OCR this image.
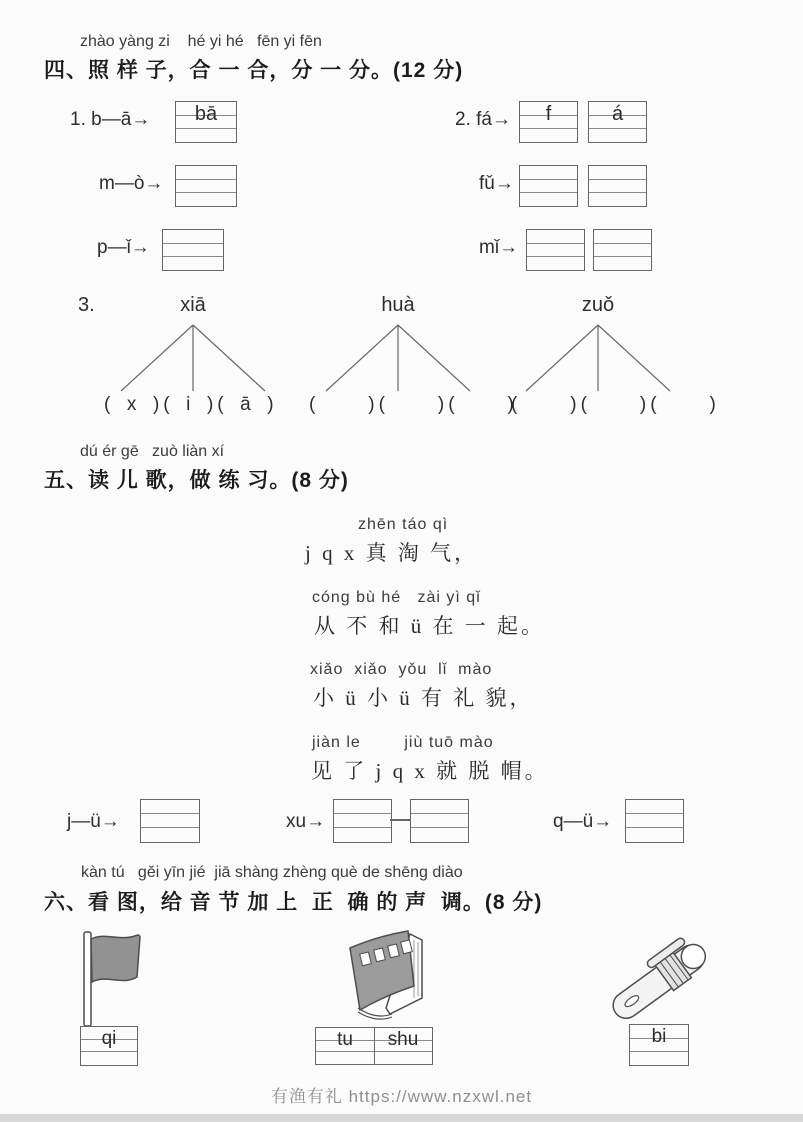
zhào yàng zi    hé yi hé   fēn yi fēn
四、照 样 子，合 一 合，分 一 分。(12 分)
1. b—ā→	bā
m—ò→
p—ǐ→
2. fá→	f	á
fǔ→
mǐ→
3.	xiā
(  x  ) (  i  ) (  ā  )
huà
(       ) (       ) (       )
zuǒ
(       ) (       ) (       )
dú ér gē   zuò liàn xí
五、读 儿 歌，做 练 习。(8 分)
zhēn táo qì
j q x 真 淘 气，
cóng bù hé   zài yì qǐ
从 不 和 ü 在 一 起。
xiǎo  xiǎo  yǒu  lǐ  mào
小 ü 小 ü 有 礼 貌，
jiàn le        jiù tuō mào
见 了 j q x 就 脱 帽。
j—ü→	xu→	q—ü→
kàn tú   gěi yīn jié  jiā shàng zhèng què de shēng diào
六、看 图，给 音 节 加 上  正  确 的 声  调。(8 分)
qi	tu	shu	bi
有渔有礼 https://www.nzxwl.net
